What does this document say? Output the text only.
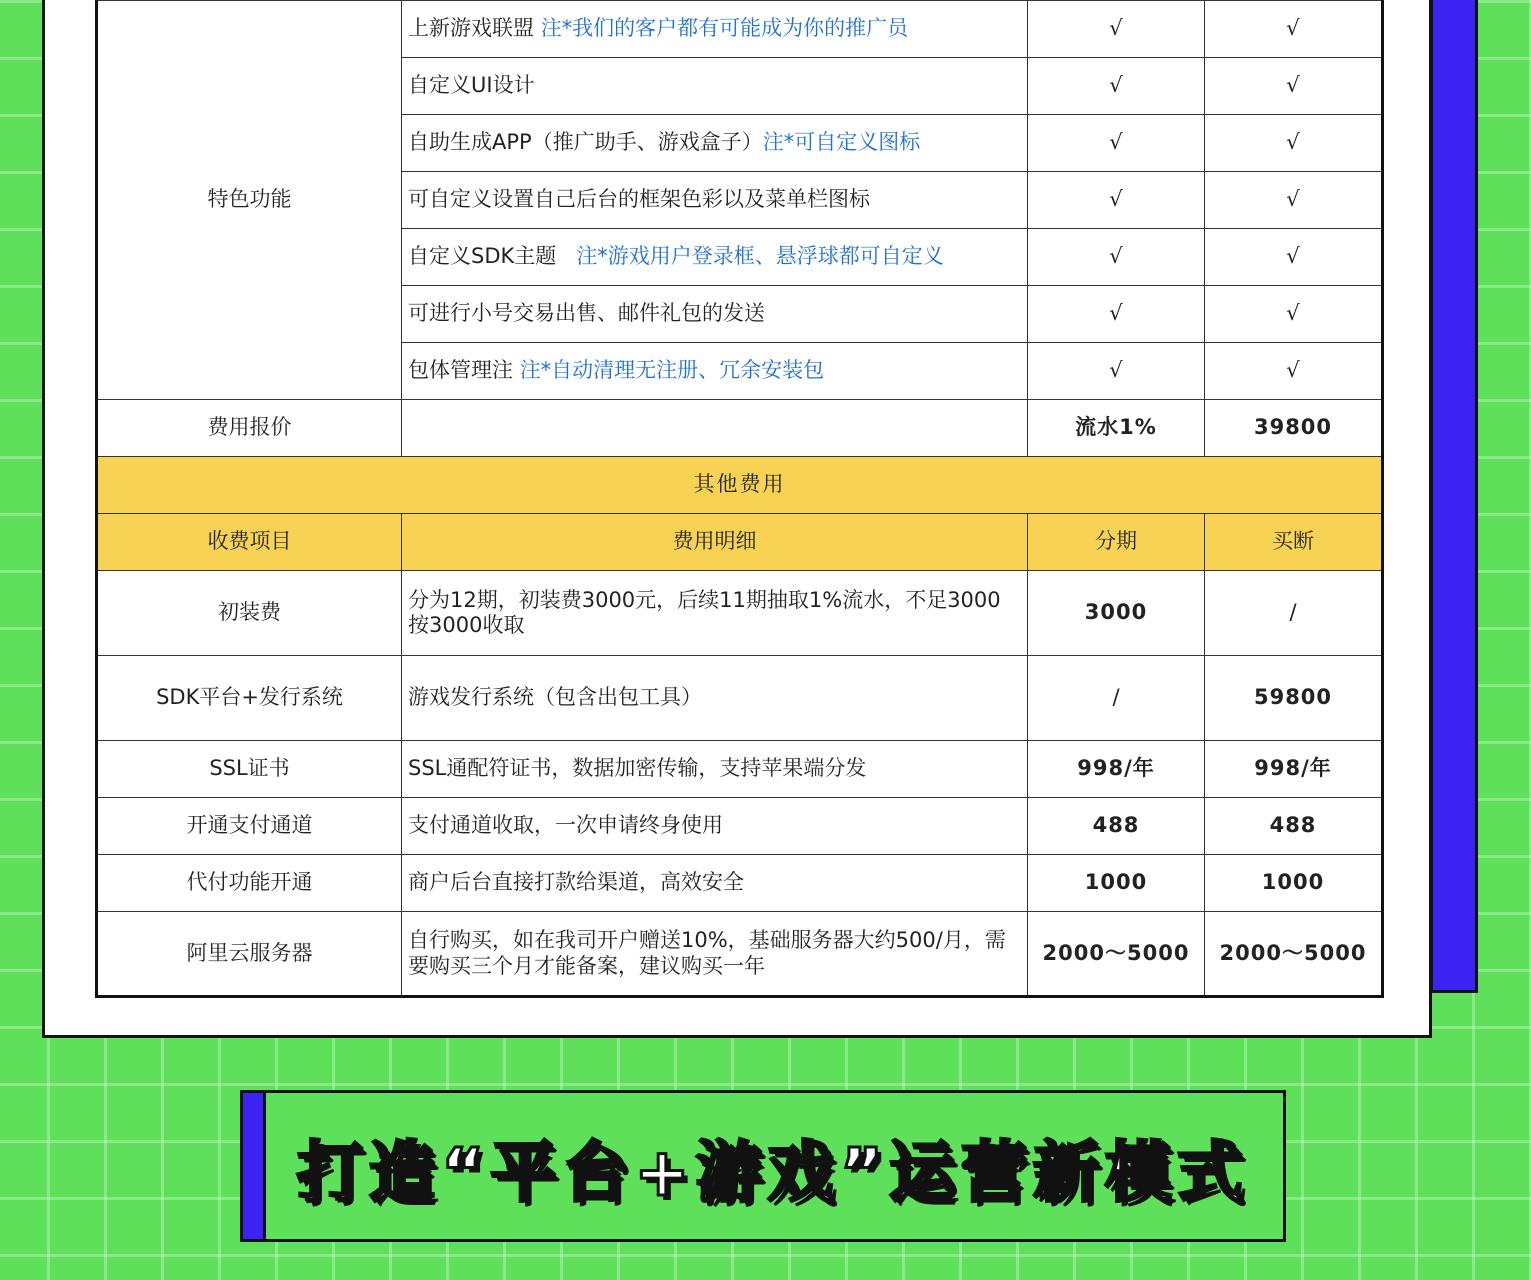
特色功能	上新游戏联盟 注*我们的客户都有可能成为你的推广员	√	√
	自定义UI设计	√	√
	自助生成APP（推广助手、游戏盒子）注*可自定义图标	√	√
	可自定义设置自己后台的框架色彩以及菜单栏图标	√	√
	自定义SDK主题 注*游戏用户登录框、悬浮球都可自定义	√	√
	可进行小号交易出售、邮件礼包的发送	√	√
	包体管理注 注*自动清理无注册、冗余安装包	√	√
费用报价		流水1%	39800
其他费用			
收费项目	费用明细	分期	买断
初装费	分为12期，初装费3000元，后续11期抽取1%流水，不足3000按3000收取	3000	/
SDK平台+发行系统	游戏发行系统（包含出包工具）	/	59800
SSL证书	SSL通配符证书，数据加密传输，支持苹果端分发	998/年	998/年
开通支付通道	支付通道收取，一次申请终身使用	488	488
代付功能开通	商户后台直接打款给渠道，高效安全	1000	1000
阿里云服务器	自行购买，如在我司开户赠送10%，基础服务器大约500/月，需要购买三个月才能备案，建议购买一年	2000～5000	2000～5000
打造“平台+游戏”运营新模式
